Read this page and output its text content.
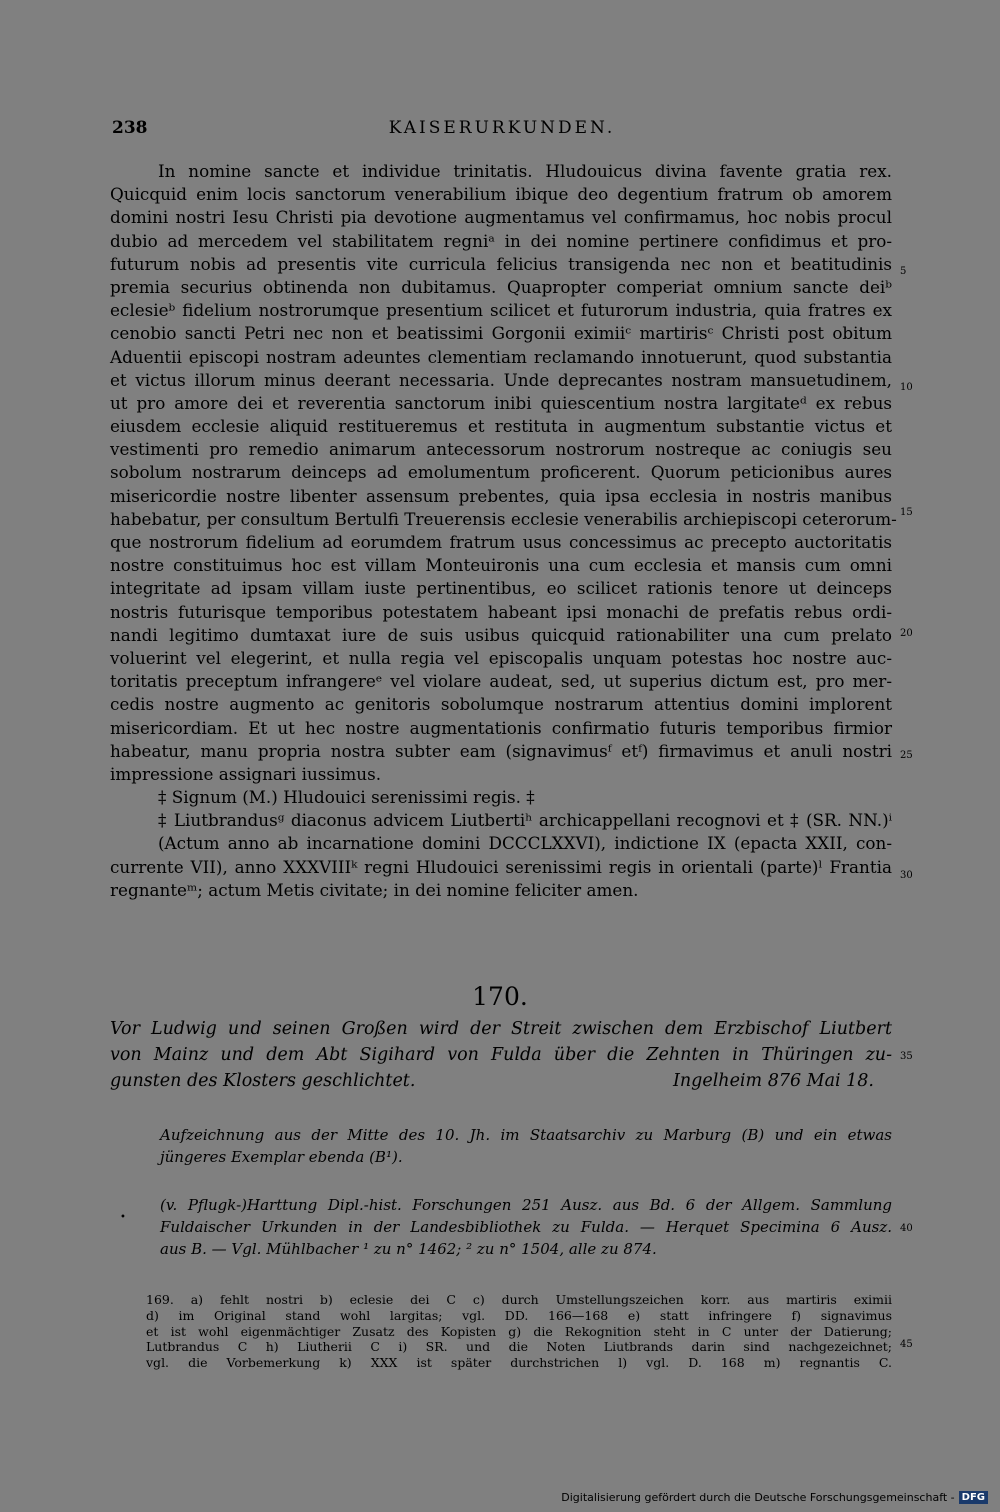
238	KAISERURKUNDEN.
In nomine sancte et individue trinitatis. Hludouicus divina favente gratia rex.
Quicquid enim locis sanctorum venerabilium ibique deo degentium fratrum ob amorem
domini nostri Iesu Christi pia devotione augmentamus vel confirmamus, hoc nobis procul
dubio ad mercedem vel stabilitatem regniᵃ in dei nomine pertinere confidimus et pro-
futurum nobis ad presentis vite curricula felicius transigenda nec non et beatitudinis
premia securius obtinenda non dubitamus. Quapropter comperiat omnium sancte deiᵇ
eclesieᵇ fidelium nostrorumque presentium scilicet et futurorum industria, quia fratres ex
cenobio sancti Petri nec non et beatissimi Gorgonii eximiiᶜ martirisᶜ Christi post obitum
Aduentii episcopi nostram adeuntes clementiam reclamando innotuerunt, quod substantia
et victus illorum minus deerant necessaria. Unde deprecantes nostram mansuetudinem,
ut pro amore dei et reverentia sanctorum inibi quiescentium nostra largitateᵈ ex rebus
eiusdem ecclesie aliquid restitueremus et restituta in augmentum substantie victus et
vestimenti pro remedio animarum antecessorum nostrorum nostreque ac coniugis seu
sobolum nostrarum deinceps ad emolumentum proficerent. Quorum peticionibus aures
misericordie nostre libenter assensum prebentes, quia ipsa ecclesia in nostris manibus
habebatur, per consultum Bertulfi Treuerensis ecclesie venerabilis archiepiscopi ceterorum-
que nostrorum fidelium ad eorumdem fratrum usus concessimus ac precepto auctoritatis
nostre constituimus hoc est villam Monteuironis una cum ecclesia et mansis cum omni
integritate ad ipsam villam iuste pertinentibus, eo scilicet rationis tenore ut deinceps
nostris futurisque temporibus potestatem habeant ipsi monachi de prefatis rebus ordi-
nandi legitimo dumtaxat iure de suis usibus quicquid rationabiliter una cum prelato
voluerint vel elegerint, et nulla regia vel episcopalis unquam potestas hoc nostre auc-
toritatis preceptum infrangereᵉ vel violare audeat, sed, ut superius dictum est, pro mer-
cedis nostre augmento ac genitoris sobolumque nostrarum attentius domini implorent
misericordiam. Et ut hec nostre augmentationis confirmatio futuris temporibus firmior
habeatur, manu propria nostra subter eam (signavimusᶠ etᶠ) firmavimus et anuli nostri
impressione assignari iussimus.
‡ Signum (M.) Hludouici serenissimi regis. ‡
‡ Liutbrandusᵍ diaconus advicem Liutbertiʰ archicappellani recognovi et ‡ (SR. NN.)ⁱ
(Actum anno ab incarnatione domini DCCCLXXVI), indictione IX (epacta XXII, con-
currente VII), anno XXXVIIIᵏ regni Hludouici serenissimi regis in orientali (parte)ˡ Frantia
regnanteᵐ; actum Metis civitate; in dei nomine feliciter amen.
5
10
15
20
25
30
35
40
45
170.
Vor Ludwig und seinen Großen wird der Streit zwischen dem Erzbischof Liutbert
von Mainz und dem Abt Sigihard von Fulda über die Zehnten in Thüringen zu-
gunsten des Klosters geschlichtet.	Ingelheim 876 Mai 18.
Aufzeichnung aus der Mitte des 10. Jh. im Staatsarchiv zu Marburg (B) und ein etwas
jüngeres Exemplar ebenda (B¹).
•
(v. Pflugk-)Harttung Dipl.-hist. Forschungen 251 Ausz. aus Bd. 6 der Allgem. Sammlung
Fuldaischer Urkunden in der Landesbibliothek zu Fulda. — Herquet Specimina 6 Ausz.
aus B. — Vgl. Mühlbacher ¹ zu n° 1462; ² zu n° 1504, alle zu 874.
169. a) fehlt nostri b) eclesie dei C c) durch Umstellungszeichen korr. aus martiris eximii
d) im Original stand wohl largitas; vgl. DD. 166—168 e) statt infringere f) signavimus
et ist wohl eigenmächtiger Zusatz des Kopisten g) die Rekognition steht in C unter der Datierung;
Lutbrandus C h) Liutherii C i) SR. und die Noten Liutbrands darin sind nachgezeichnet;
vgl. die Vorbemerkung k) XXX ist später durchstrichen l) vgl. D. 168 m) regnantis C.
Digitalisierung gefördert durch die Deutsche Forschungsgemeinschaft - DFG
